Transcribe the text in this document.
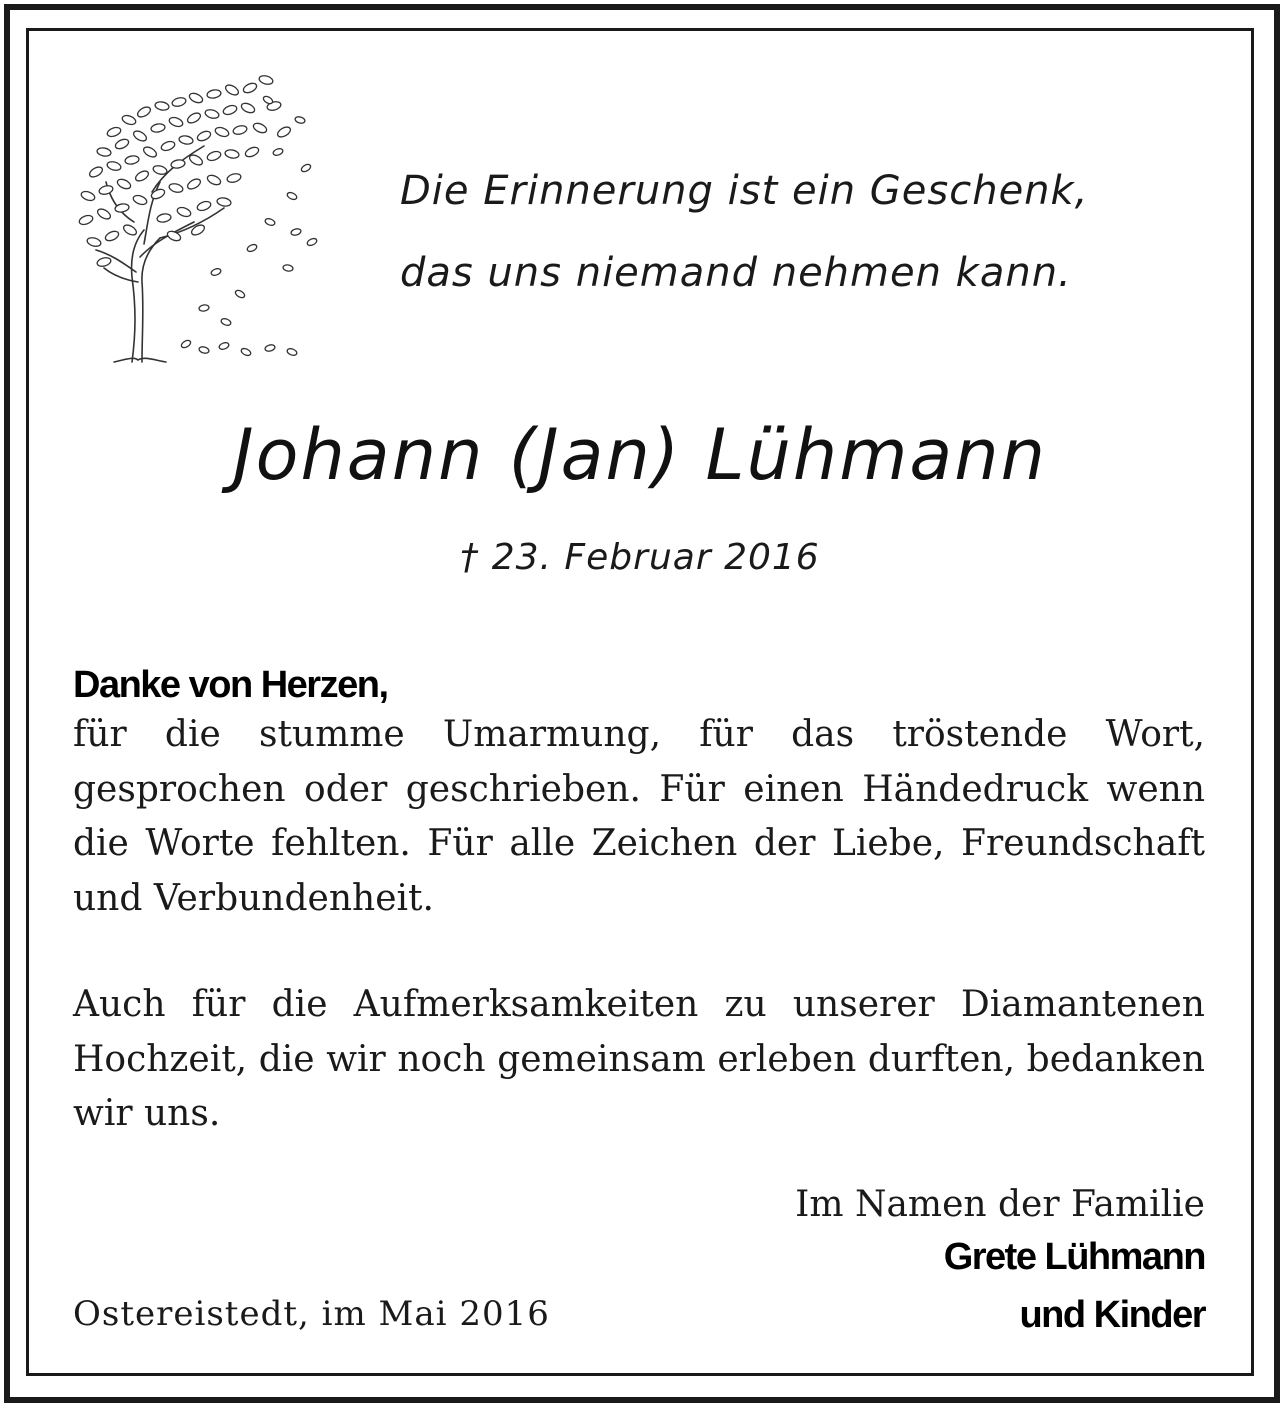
Die Erinnerung ist ein Geschenk,
das uns niemand nehmen kann.
Johann (Jan) Lühmann
† 23. Februar 2016
Danke von Herzen,

für die stumme Umarmung, für das tröstende Wort, gesprochen oder geschrieben. Für einen Händedruck wenn die Worte fehlten. Für alle Zeichen der Liebe, Freundschaft und Verbundenheit.

Auch für die Aufmerksamkeiten zu unserer Diamantenen Hochzeit, die wir noch gemeinsam erleben durften, bedanken wir uns.

Im Namen der Familie
Grete Lühmann
und Kinder
Ostereistedt, im Mai 2016
